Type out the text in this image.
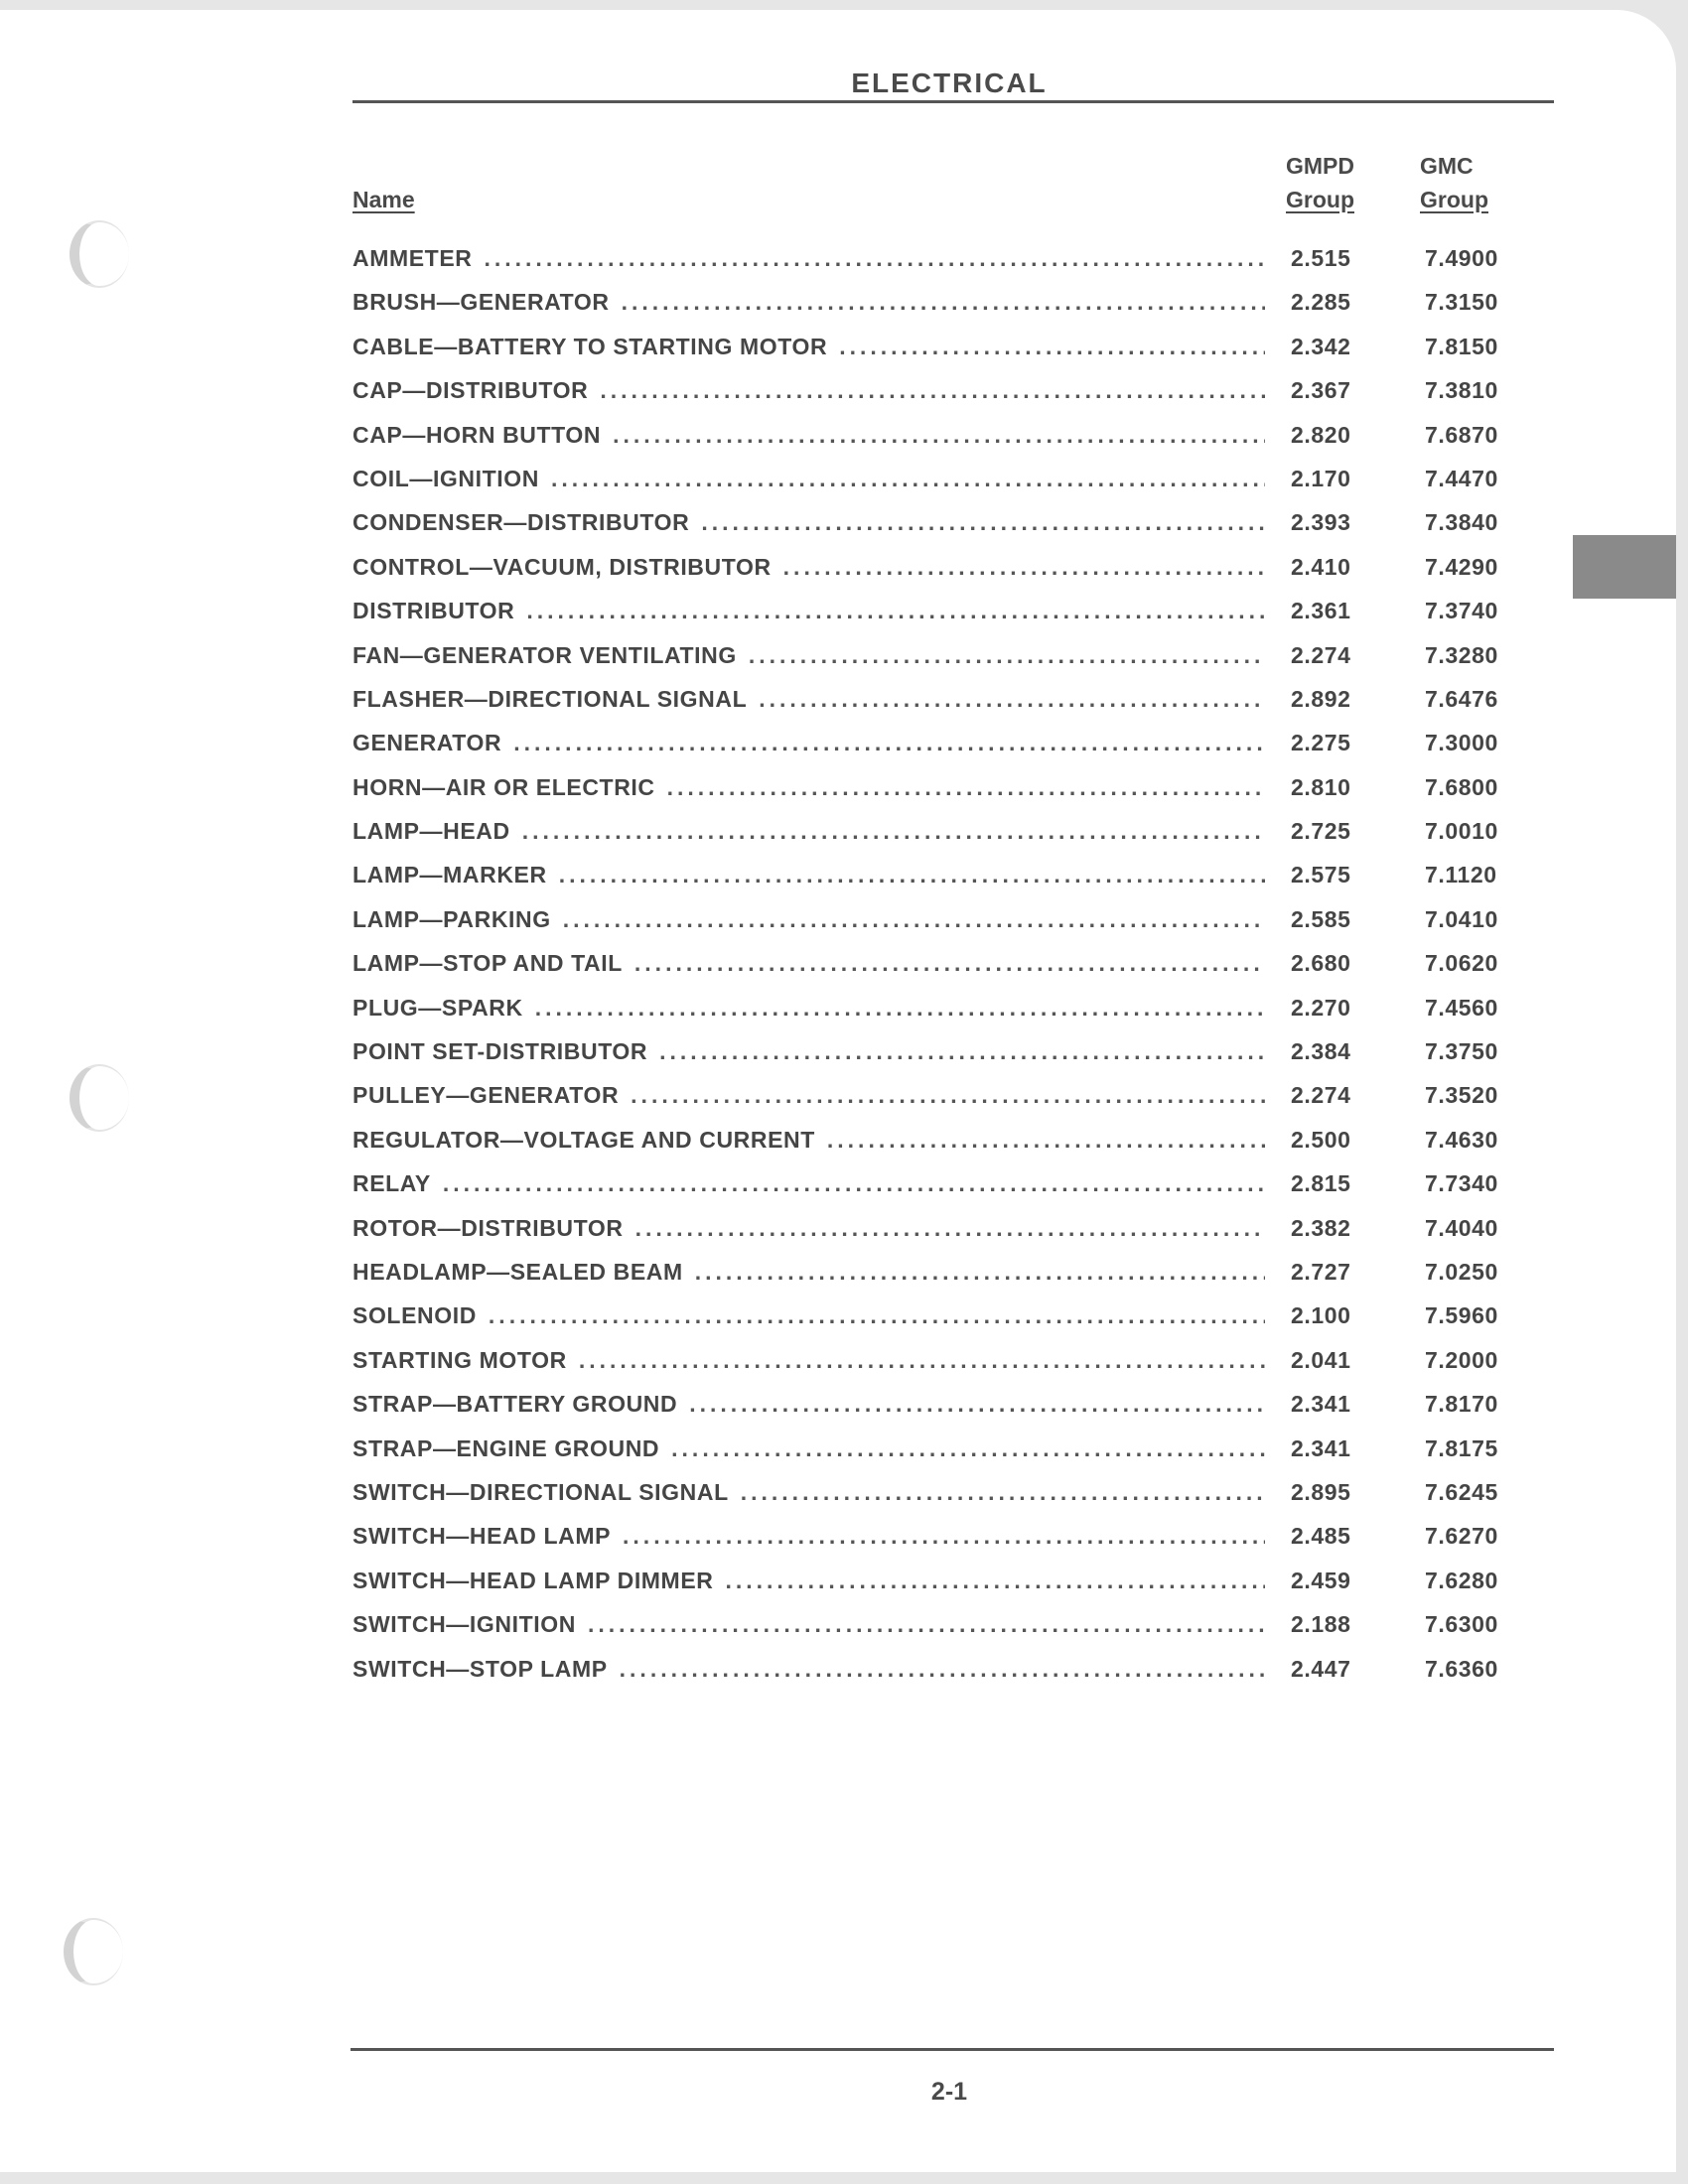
ELECTRICAL
Name
GMPD
Group
GMC
Group
AMMETER .....	2.515	7.4900
BRUSH—GENERATOR .....	2.285	7.3150
CABLE—BATTERY TO STARTING MOTOR .....	2.342	7.8150
CAP—DISTRIBUTOR .....	2.367	7.3810
CAP—HORN BUTTON .....	2.820	7.6870
COIL—IGNITION .....	2.170	7.4470
CONDENSER—DISTRIBUTOR .....	2.393	7.3840
CONTROL—VACUUM, DISTRIBUTOR .....	2.410	7.4290
DISTRIBUTOR .....	2.361	7.3740
FAN—GENERATOR VENTILATING .....	2.274	7.3280
FLASHER—DIRECTIONAL SIGNAL .....	2.892	7.6476
GENERATOR .....	2.275	7.3000
HORN—AIR OR ELECTRIC .....	2.810	7.6800
LAMP—HEAD .....	2.725	7.0010
LAMP—MARKER .....	2.575	7.1120
LAMP—PARKING .....	2.585	7.0410
LAMP—STOP AND TAIL .....	2.680	7.0620
PLUG—SPARK .....	2.270	7.4560
POINT SET-DISTRIBUTOR .....	2.384	7.3750
PULLEY—GENERATOR .....	2.274	7.3520
REGULATOR—VOLTAGE AND CURRENT .....	2.500	7.4630
RELAY .....	2.815	7.7340
ROTOR—DISTRIBUTOR .....	2.382	7.4040
HEADLAMP—SEALED BEAM .....	2.727	7.0250
SOLENOID .....	2.100	7.5960
STARTING MOTOR .....	2.041	7.2000
STRAP—BATTERY GROUND .....	2.341	7.8170
STRAP—ENGINE GROUND .....	2.341	7.8175
SWITCH—DIRECTIONAL SIGNAL .....	2.895	7.6245
SWITCH—HEAD LAMP .....	2.485	7.6270
SWITCH—HEAD LAMP DIMMER .....	2.459	7.6280
SWITCH—IGNITION .....	2.188	7.6300
SWITCH—STOP LAMP .....	2.447	7.6360

2-1
